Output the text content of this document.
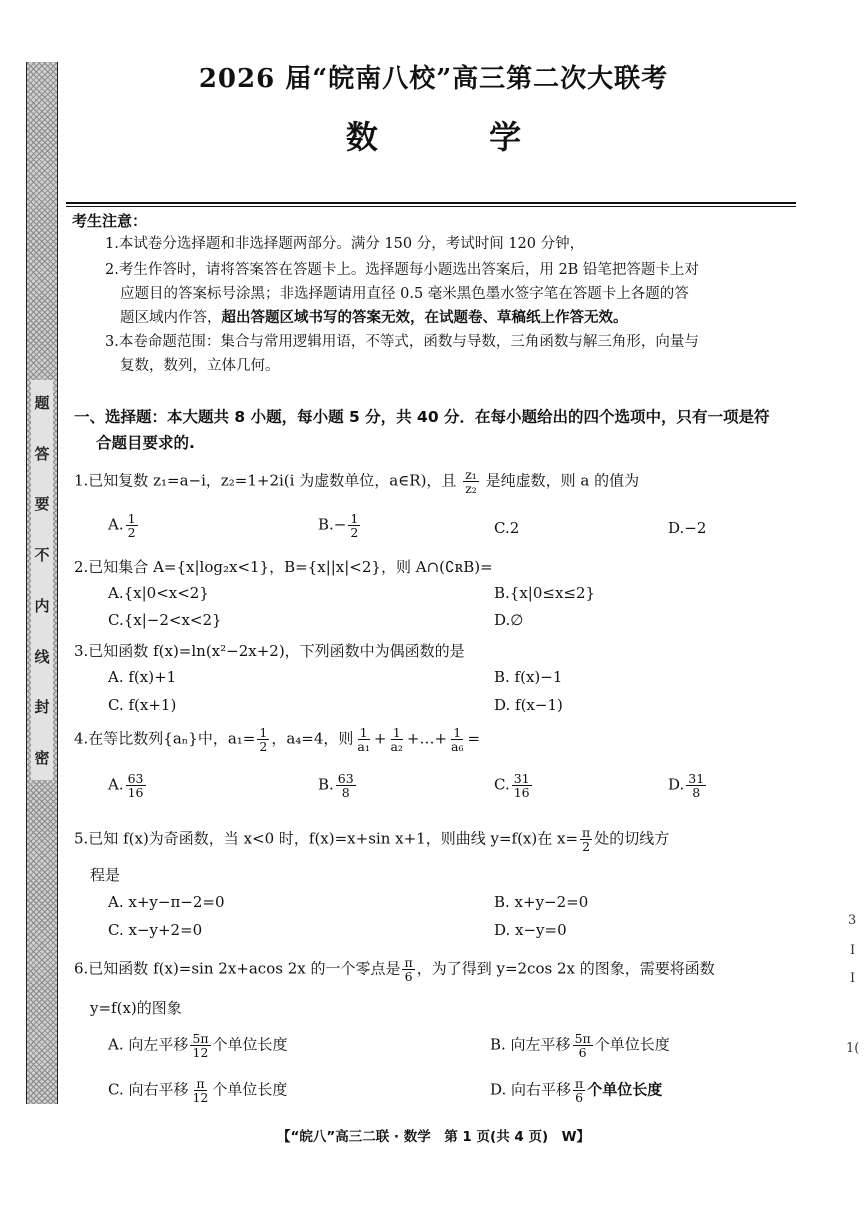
题
答
要
不
内
线
封
密
2026 届“皖南八校”高三第二次大联考
数 学
考生注意：
1.本试卷分选择题和非选择题两部分。满分 150 分，考试时间 120 分钟，
2.考生作答时，请将答案答在答题卡上。选择题每小题选出答案后，用 2B 铅笔把答题卡上对
应题目的答案标号涂黑；非选择题请用直径 0.5 毫米黑色墨水签字笔在答题卡上各题的答
题区域内作答，超出答题区域书写的答案无效，在试题卷、草稿纸上作答无效。
3.本卷命题范围：集合与常用逻辑用语，不等式，函数与导数，三角函数与解三角形，向量与
复数，数列，立体几何。
一、选择题：本大题共 8 小题，每小题 5 分，共 40 分．在每小题给出的四个选项中，只有一项是符
合题目要求的.
1.已知复数 z₁=a−i，z₂=1+2i(i 为虚数单位，a∈R)，且 $\frac{\text{z₁}}{\text{z₂}}$ 是纯虚数，则 a 的值为
A. $\frac{1}{2}$	$B.- \frac{1}{2}$	C.2	D.−2
2.已知集合 A={x|log₂x<1}，B={x||x|<2}，则 A∩(∁ʀB)=
A.{x|0<x<2}	B.{x|0≤x≤2}
C.{x|−2<x<2}	D.∅
3.已知函数 f(x)=ln(x²−2x+2)，下列函数中为偶函数的是
A. f(x)+1	B. f(x)−1
C. f(x+1)	D. f(x−1)
4.在等比数列{aₙ}中，$a_1= \frac{1}{2}$ ，a₄=4，则 $\frac{1}{\text{a₁}} + \frac{1}{\text{a₂}}$ +…+ $\frac{1}{\text{a₆}}$ =
A. $\frac{63}{16}$	B. $\frac{63}{8}$	C. $\frac{31}{16}$	D. $\frac{31}{8}$
5.已知 f(x)为奇函数，当 x<0 时，f(x)=x+sin x+1，则曲线 y=f(x)在 $x= \frac{\pi}{2}$ 处的切线方
程是
A. x+y−π−2=0	B. x+y−2=0
C. x−y+2=0	D. x−y=0
6.已知函数 f(x)=sin 2x+acos 2x 的一个零点是 $\frac{\pi}{6}$ ，为了得到 y=2cos 2x 的图象，需要将函数
y=f(x)的图象
A. 向左平移 $\frac{5\pi}{12}$ 个单位长度	B. 向左平移 $\frac{5\pi}{6}$ 个单位长度
C. 向右平移 $\frac{\pi}{12}$ 个单位长度	D. 向右平移 $\frac{\pi}{6}$ 个单位长度
3
I
I
1(
【“皖八”高三二联 · 数学　第 1 页(共 4 页)　W】
